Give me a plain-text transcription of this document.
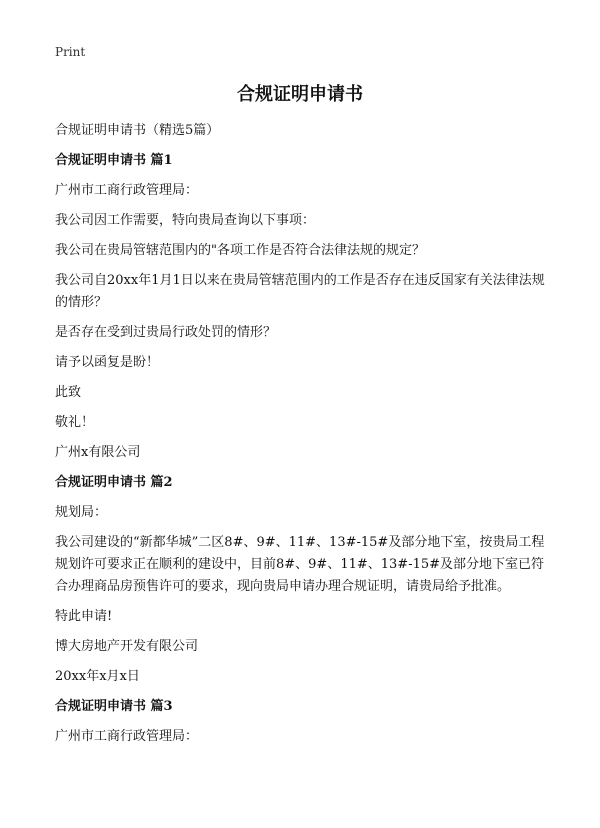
Print
合规证明申请书

合规证明申请书（精选5篇）

合规证明申请书 篇1

广州市工商行政管理局：

我公司因工作需要，特向贵局查询以下事项：

我公司在贵局管辖范围内的"各项工作是否符合法律法规的规定？

我公司自20xx年1月1日以来在贵局管辖范围内的工作是否存在违反国家有关法律法规的情形？

是否存在受到过贵局行政处罚的情形？

请予以函复是盼！

此致

敬礼！

广州x有限公司

合规证明申请书 篇2

规划局：

我公司建设的“新都华城”二区8#、9#、11#、13#-15#及部分地下室，按贵局工程规划许可要求正在顺利的建设中，目前8#、9#、11#、13#-15#及部分地下室已符合办理商品房预售许可的要求，现向贵局申请办理合规证明，请贵局给予批准。

特此申请!

博大房地产开发有限公司

20xx年x月x日

合规证明申请书 篇3

广州市工商行政管理局：
